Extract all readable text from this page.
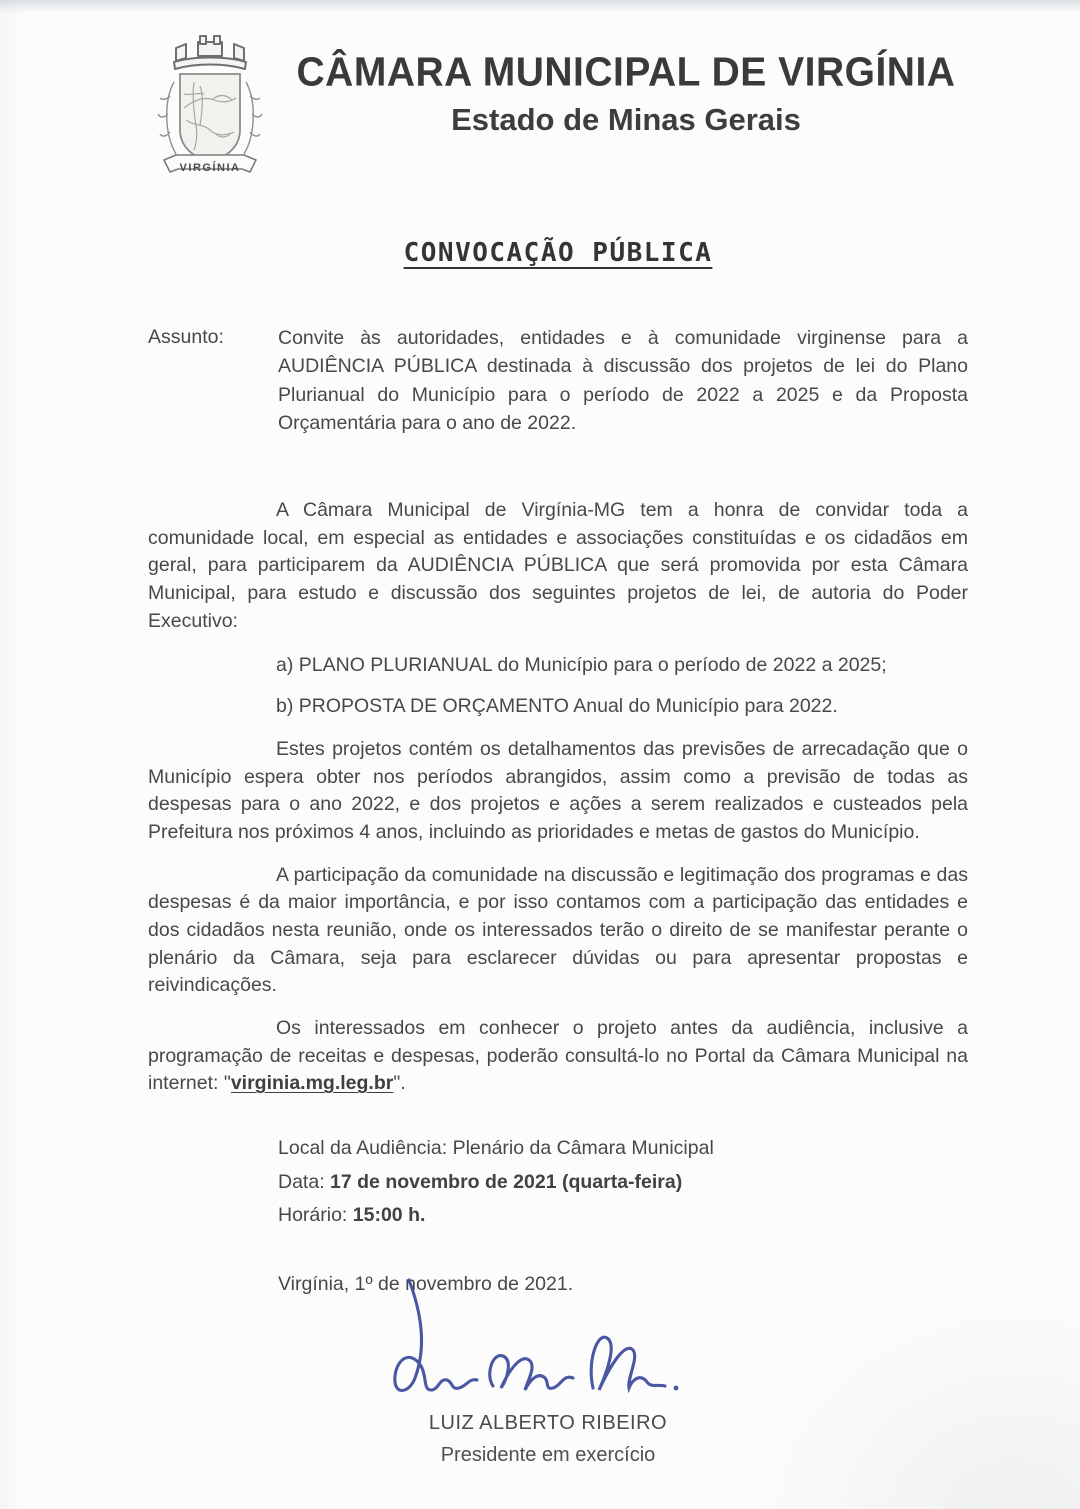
VIRGÍNIA
CÂMARA MUNICIPAL DE VIRGÍNIA
Estado de Minas Gerais
CONVOCAÇÃO PÚBLICA
Assunto:	Convite às autoridades, entidades e à comunidade virginense para a AUDIÊNCIA PÚBLICA destinada à discussão dos projetos de lei do Plano Plurianual do Município para o período de 2022 a 2025 e da Proposta Orçamentária para o ano de 2022.

A Câmara Municipal de Virgínia-MG tem a honra de convidar toda a comunidade local, em especial as entidades e associações constituídas e os cidadãos em geral, para participarem da AUDIÊNCIA PÚBLICA que será promovida por esta Câmara Municipal, para estudo e discussão dos seguintes projetos de lei, de autoria do Poder Executivo:

a) PLANO PLURIANUAL do Município para o período de 2022 a 2025;
b) PROPOSTA DE ORÇAMENTO Anual do Município para 2022.

Estes projetos contém os detalhamentos das previsões de arrecadação que o Município espera obter nos períodos abrangidos, assim como a previsão de todas as despesas para o ano 2022, e dos projetos e ações a serem realizados e custeados pela Prefeitura nos próximos 4 anos, incluindo as prioridades e metas de gastos do Município.

A participação da comunidade na discussão e legitimação dos programas e das despesas é da maior importância, e por isso contamos com a participação das entidades e dos cidadãos nesta reunião, onde os interessados terão o direito de se manifestar perante o plenário da Câmara, seja para esclarecer dúvidas ou para apresentar propostas e reivindicações.

Os interessados em conhecer o projeto antes da audiência, inclusive a programação de receitas e despesas, poderão consultá-lo no Portal da Câmara Municipal na internet: "virginia.mg.leg.br".

Local da Audiência: Plenário da Câmara Municipal
Data: 17 de novembro de 2021 (quarta-feira)
Horário: 15:00 h.
Virgínia, 1º de novembro de 2021.
LUIZ ALBERTO RIBEIRO
Presidente em exercício
